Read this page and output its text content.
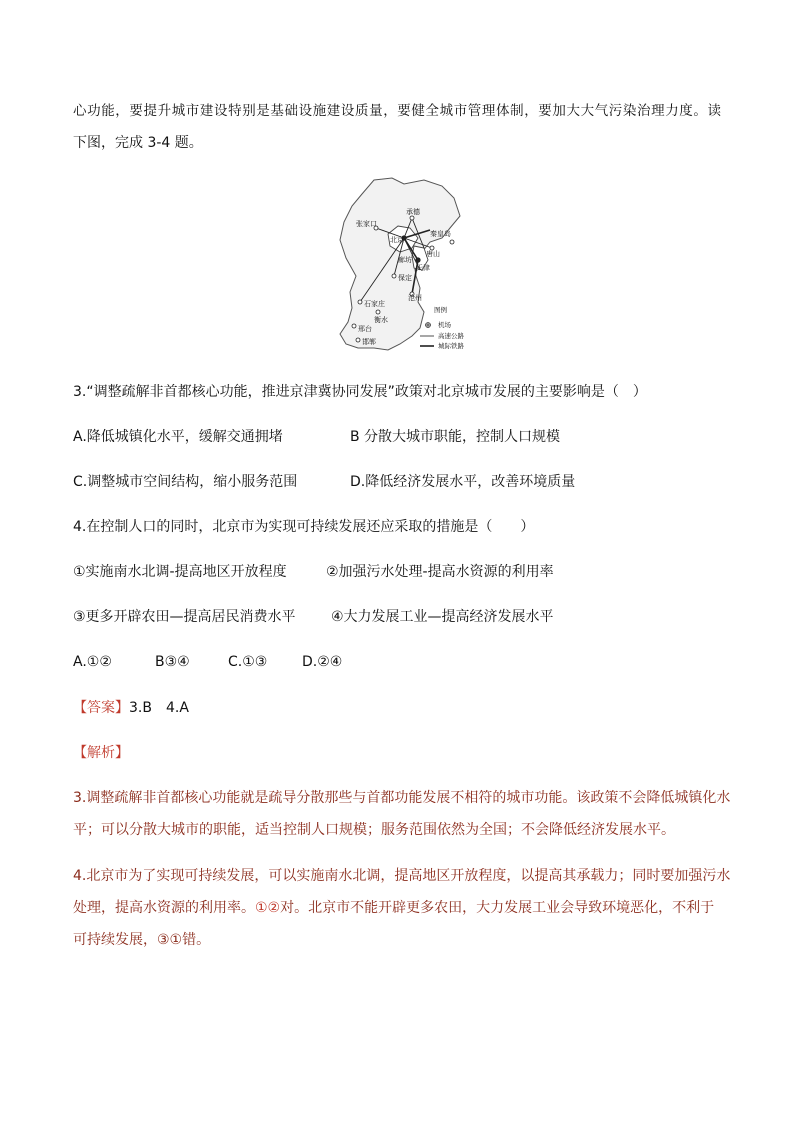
心功能，要提升城市建设特别是基础设施建设质量，要健全城市管理体制，要加大大气污染治理力度。读
下图，完成 3-4 题。
承德
张家口
秦皇岛
北京
唐山
廊坊
天津
保定
沧州
石家庄
衡水
邢台
邯郸
图例
机场
高速公路
城际铁路
3.“调整疏解非首都核心功能，推进京津冀协同发展”政策对北京城市发展的主要影响是（　）
A.降低城镇化水平，缓解交通拥堵	B 分散大城市职能，控制人口规模
C.调整城市空间结构，缩小服务范围	D.降低经济发展水平，改善环境质量
4.在控制人口的同时，北京市为实现可持续发展还应采取的措施是（　　）
①实施南水北调-提高地区开放程度	②加强污水处理-提高水资源的利用率
③更多开辟农田—提高居民消费水平	④大力发展工业—提高经济发展水平
A.①②	B③④	C.①③ D.②④
【答案】3.B　4.A
【解析】
3.调整疏解非首都核心功能就是疏导分散那些与首都功能发展不相符的城市功能。该政策不会降低城镇化水
平；可以分散大城市的职能，适当控制人口规模；服务范围依然为全国；不会降低经济发展水平。
4.北京市为了实现可持续发展，可以实施南水北调，提高地区开放程度，以提高其承载力；同时要加强污水
处理，提高水资源的利用率。①②对。北京市不能开辟更多农田，大力发展工业会导致环境恶化，不利于
可持续发展，③①错。
